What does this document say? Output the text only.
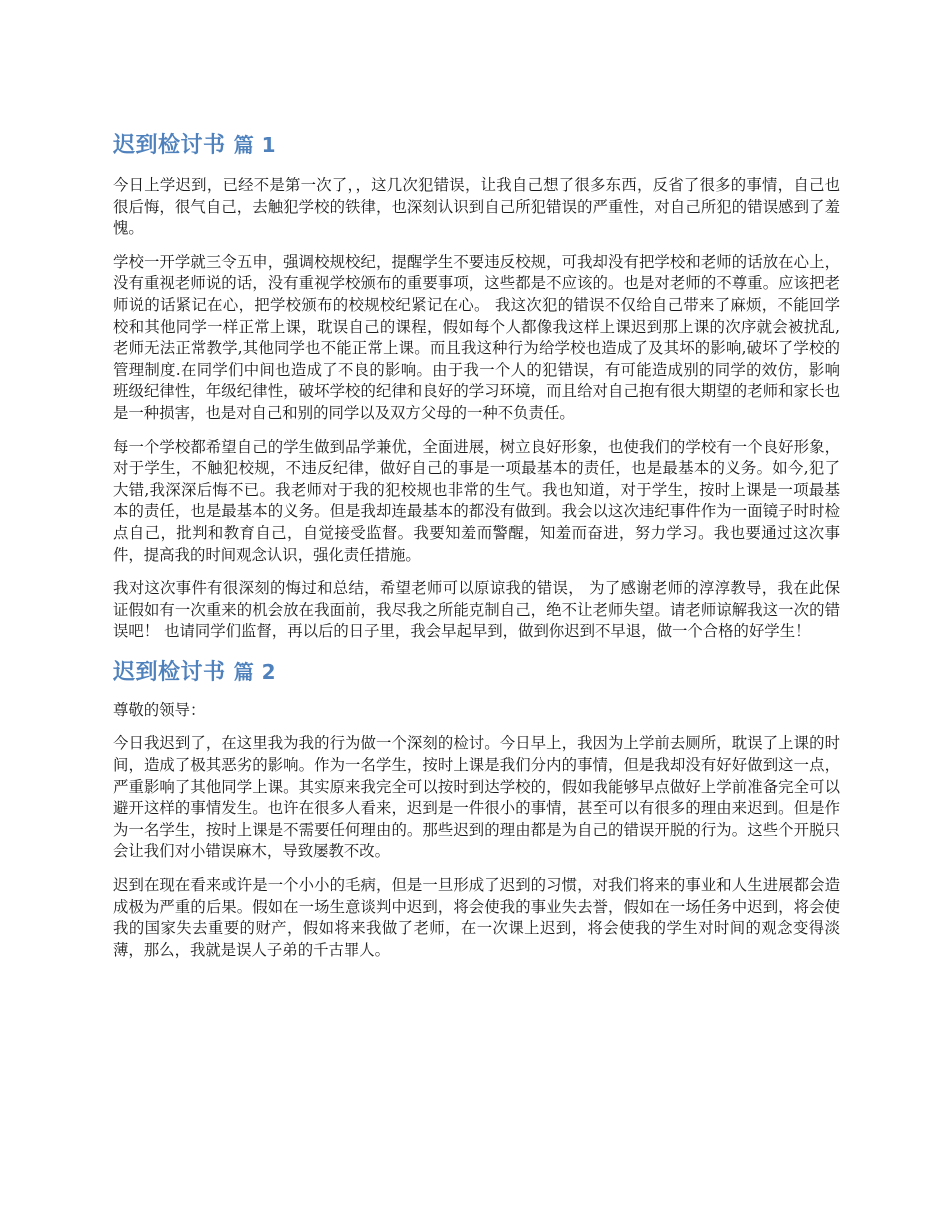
迟到检讨书 篇 1

今日上学迟到，已经不是第一次了，，这几次犯错误，让我自己想了很多东西，反省了很多的事情，自己也很后悔，很气自己，去触犯学校的铁律，也深刻认识到自己所犯错误的严重性，对自己所犯的错误感到了羞愧。

学校一开学就三令五申，强调校规校纪，提醒学生不要违反校规，可我却没有把学校和老师的话放在心上，没有重视老师说的话，没有重视学校颁布的重要事项，这些都是不应该的。也是对老师的不尊重。应该把老师说的话紧记在心，把学校颁布的校规校纪紧记在心。 我这次犯的错误不仅给自己带来了麻烦，不能回学校和其他同学一样正常上课，耽误自己的课程，假如每个人都像我这样上课迟到那上课的次序就会被扰乱,老师无法正常教学,其他同学也不能正常上课。而且我这种行为给学校也造成了及其坏的影响,破坏了学校的管理制度.在同学们中间也造成了不良的影响。由于我一个人的犯错误，有可能造成别的同学的效仿，影响班级纪律性，年级纪律性，破坏学校的纪律和良好的学习环境，而且给对自己抱有很大期望的老师和家长也是一种损害，也是对自己和别的同学以及双方父母的一种不负责任。

每一个学校都希望自己的学生做到品学兼优，全面进展，树立良好形象，也使我们的学校有一个良好形象，对于学生，不触犯校规，不违反纪律，做好自己的事是一项最基本的责任，也是最基本的义务。如今,犯了大错,我深深后悔不已。我老师对于我的犯校规也非常的生气。我也知道，对于学生，按时上课是一项最基本的责任，也是最基本的义务。但是我却连最基本的都没有做到。我会以这次违纪事件作为一面镜子时时检点自己，批判和教育自己，自觉接受监督。我要知羞而警醒，知羞而奋进，努力学习。我也要通过这次事件，提高我的时间观念认识，强化责任措施。

我对这次事件有很深刻的悔过和总结，希望老师可以原谅我的错误， 为了感谢老师的淳淳教导，我在此保证假如有一次重来的机会放在我面前，我尽我之所能克制自己，绝不让老师失望。请老师谅解我这一次的错误吧！ 也请同学们监督，再以后的日子里，我会早起早到，做到你迟到不早退，做一个合格的好学生！

迟到检讨书 篇 2

尊敬的领导：

今日我迟到了，在这里我为我的行为做一个深刻的检讨。今日早上，我因为上学前去厕所，耽误了上课的时间，造成了极其恶劣的影响。作为一名学生，按时上课是我们分内的事情，但是我却没有好好做到这一点，严重影响了其他同学上课。其实原来我完全可以按时到达学校的，假如我能够早点做好上学前准备完全可以避开这样的事情发生。也许在很多人看来，迟到是一件很小的事情，甚至可以有很多的理由来迟到。但是作为一名学生，按时上课是不需要任何理由的。那些迟到的理由都是为自己的错误开脱的行为。这些个开脱只会让我们对小错误麻木，导致屡教不改。

迟到在现在看来或许是一个小小的毛病，但是一旦形成了迟到的习惯，对我们将来的事业和人生进展都会造成极为严重的后果。假如在一场生意谈判中迟到，将会使我的事业失去誉，假如在一场任务中迟到，将会使我的国家失去重要的财产，假如将来我做了老师，在一次课上迟到，将会使我的学生对时间的观念变得淡薄，那么，我就是误人子弟的千古罪人。
